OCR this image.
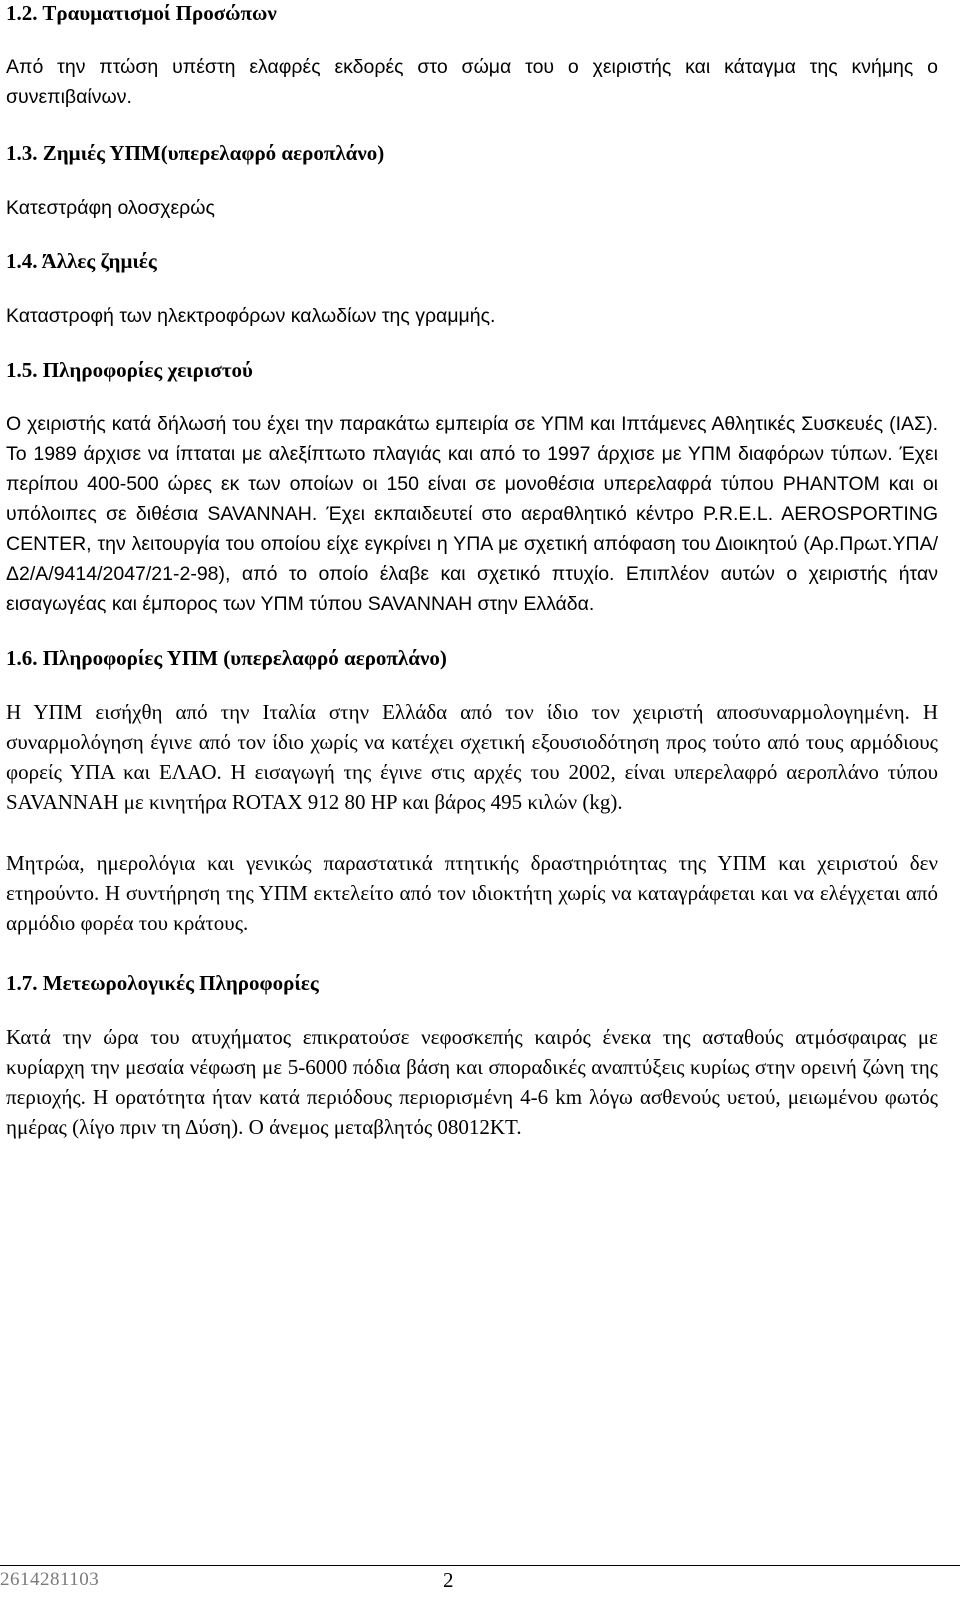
1.2. Τραυματισμοί Προσώπων

Από την πτώση υπέστη ελαφρές εκδορές στο σώμα του ο χειριστής και κάταγμα της κνήμης ο συνεπιβαίνων.

1.3. Ζημιές ΥΠΜ(υπερελαφρό αεροπλάνο)

Κατεστράφη ολοσχερώς

1.4. Άλλες ζημιές

Καταστροφή των ηλεκτροφόρων καλωδίων της γραμμής.

1.5. Πληροφορίες χειριστού

Ο χειριστής κατά δήλωσή του έχει την παρακάτω εμπειρία σε ΥΠΜ και Ιπτάμενες Αθλητικές Συσκευές (ΙΑΣ). Το 1989 άρχισε να ίπταται με αλεξίπτωτο πλαγιάς και από το 1997 άρχισε με ΥΠΜ διαφόρων τύπων. Έχει περίπου 400-500 ώρες εκ των οποίων οι 150 είναι σε μονοθέσια υπερελαφρά τύπου PHANTOM και οι υπόλοιπες σε διθέσια SAVANNAH. Έχει εκπαιδευτεί στο αεραθλητικό κέντρο P.R.E.L. AEROSPORTING CENTER, την λειτουργία του οποίου είχε εγκρίνει η ΥΠΑ με σχετική απόφαση του Διοικητού (Αρ.Πρωτ.ΥΠΑ/Δ2/Α/9414/2047/21-2-98), από το οποίο έλαβε και σχετικό πτυχίο. Επιπλέον αυτών ο χειριστής ήταν εισαγωγέας και έμπορος των ΥΠΜ τύπου SAVANNAH στην Ελλάδα.

1.6. Πληροφορίες ΥΠΜ (υπερελαφρό αεροπλάνο)

Η ΥΠΜ εισήχθη από την Ιταλία στην Ελλάδα από τον ίδιο τον χειριστή αποσυναρμολογημένη. Η συναρμολόγηση έγινε από τον ίδιο χωρίς να κατέχει σχετική εξουσιοδότηση προς τούτο από τους αρμόδιους φορείς ΥΠΑ και ΕΛΑΟ. Η εισαγωγή της έγινε στις αρχές του 2002, είναι υπερελαφρό αεροπλάνο τύπου SAVANNAH με κινητήρα ROTAX 912 80 HP και βάρος 495 κιλών (kg).

Μητρώα, ημερολόγια και γενικώς παραστατικά πτητικής δραστηριότητας της ΥΠΜ και χειριστού δεν ετηρούντο. Η συντήρηση της ΥΠΜ εκτελείτο από τον ιδιοκτήτη χωρίς να καταγράφεται και να ελέγχεται από αρμόδιο φορέα του κράτους.

1.7. Μετεωρολογικές Πληροφορίες

Κατά την ώρα του ατυχήματος επικρατούσε νεφοσκεπής καιρός ένεκα της ασταθούς ατμόσφαιρας με κυρίαρχη την μεσαία νέφωση με 5-6000 πόδια βάση και σποραδικές αναπτύξεις κυρίως στην ορεινή ζώνη της περιοχής. Η ορατότητα ήταν κατά περιόδους περιορισμένη 4-6 km λόγω ασθενούς υετού, μειωμένου φωτός ημέρας (λίγο πριν τη Δύση). Ο άνεμος μεταβλητός 08012KT.

2614281103	2
